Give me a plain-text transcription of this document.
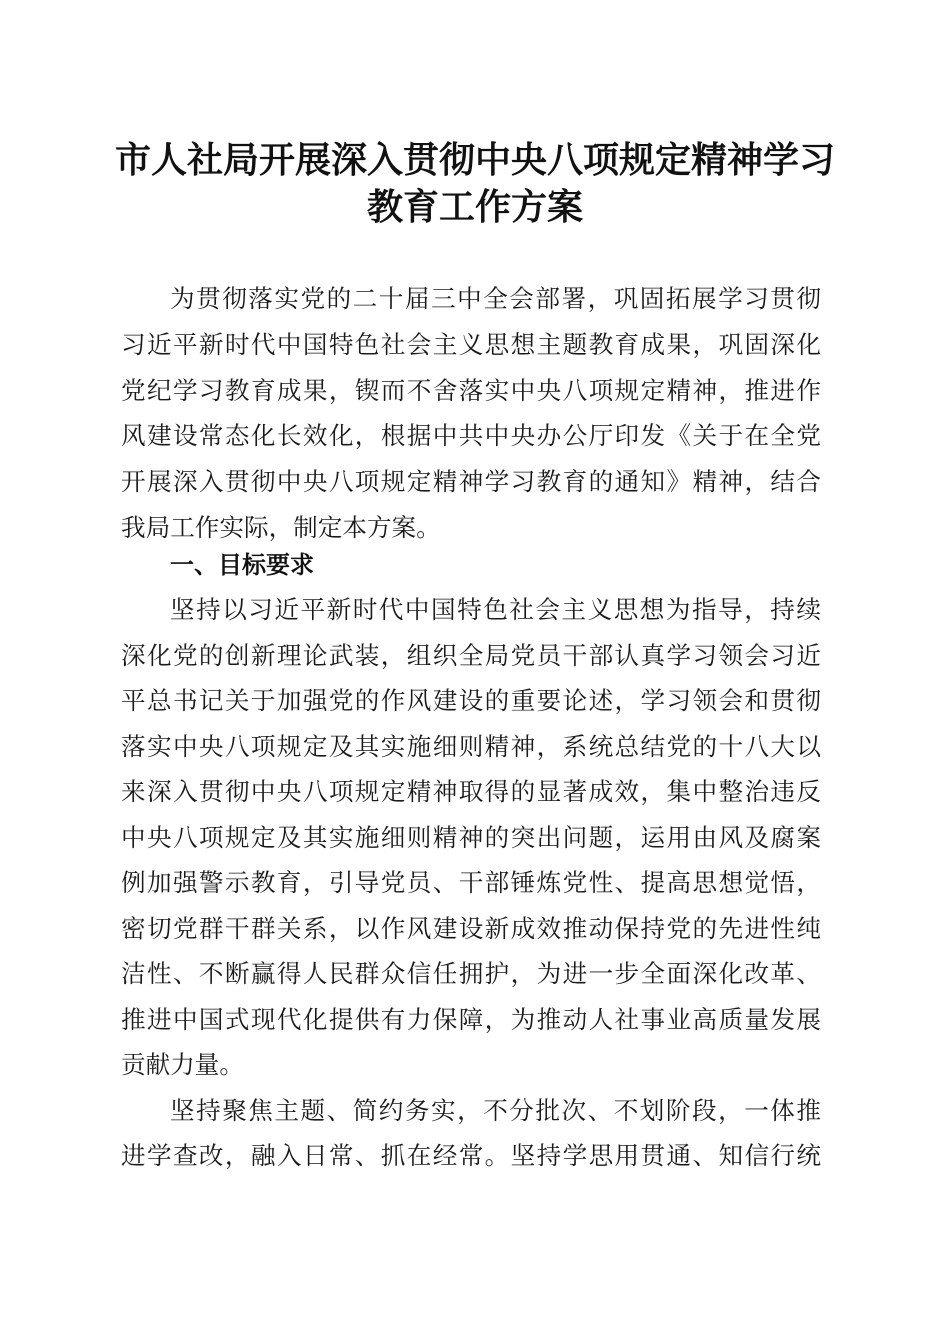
市人社局开展深入贯彻中央八项规定精神学习
教育工作方案

为贯彻落实党的二十届三中全会部署，巩固拓展学习贯彻

习近平新时代中国特色社会主义思想主题教育成果，巩固深化

党纪学习教育成果，锲而不舍落实中央八项规定精神，推进作

风建设常态化长效化，根据中共中央办公厅印发《关于在全党

开展深入贯彻中央八项规定精神学习教育的通知》精神，结合

我局工作实际，制定本方案。

一、目标要求

坚持以习近平新时代中国特色社会主义思想为指导，持续

深化党的创新理论武装，组织全局党员干部认真学习领会习近

平总书记关于加强党的作风建设的重要论述，学习领会和贯彻

落实中央八项规定及其实施细则精神，系统总结党的十八大以

来深入贯彻中央八项规定精神取得的显著成效，集中整治违反

中央八项规定及其实施细则精神的突出问题，运用由风及腐案

例加强警示教育，引导党员、干部锤炼党性、提高思想觉悟，

密切党群干群关系，以作风建设新成效推动保持党的先进性纯

洁性、不断赢得人民群众信任拥护，为进一步全面深化改革、

推进中国式现代化提供有力保障，为推动人社事业高质量发展

贡献力量。

坚持聚焦主题、简约务实，不分批次、不划阶段，一体推

进学查改，融入日常、抓在经常。坚持学思用贯通、知信行统
